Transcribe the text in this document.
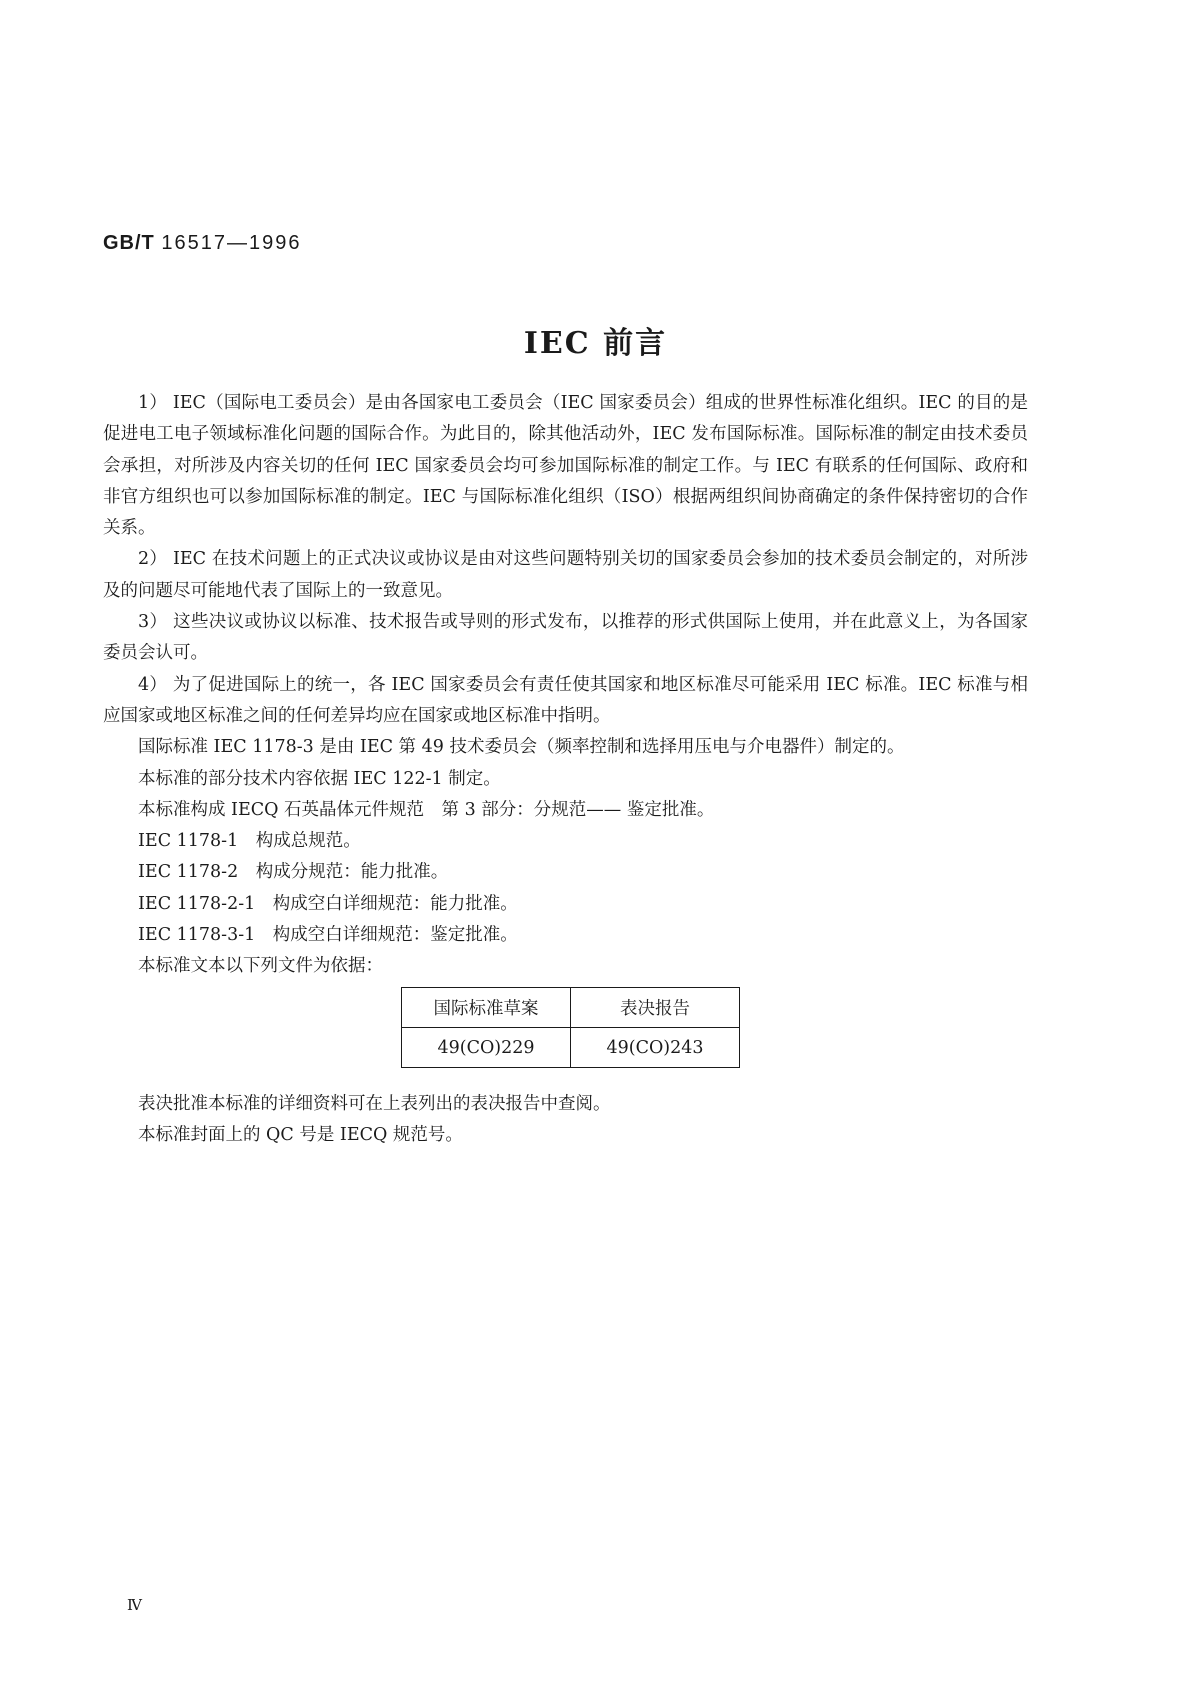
GB/T 16517—1996
IEC 前言

1） IEC（国际电工委员会）是由各国家电工委员会（IEC 国家委员会）组成的世界性标准化组织。IEC 的目的是促进电工电子领域标准化问题的国际合作。为此目的，除其他活动外，IEC 发布国际标准。国际标准的制定由技术委员会承担，对所涉及内容关切的任何 IEC 国家委员会均可参加国际标准的制定工作。与 IEC 有联系的任何国际、政府和非官方组织也可以参加国际标准的制定。IEC 与国际标准化组织（ISO）根据两组织间协商确定的条件保持密切的合作关系。

2） IEC 在技术问题上的正式决议或协议是由对这些问题特别关切的国家委员会参加的技术委员会制定的，对所涉及的问题尽可能地代表了国际上的一致意见。

3） 这些决议或协议以标准、技术报告或导则的形式发布，以推荐的形式供国际上使用，并在此意义上，为各国家委员会认可。

4） 为了促进国际上的统一，各 IEC 国家委员会有责任使其国家和地区标准尽可能采用 IEC 标准。IEC 标准与相应国家或地区标准之间的任何差异均应在国家或地区标准中指明。

国际标准 IEC 1178-3 是由 IEC 第 49 技术委员会（频率控制和选择用压电与介电器件）制定的。

本标准的部分技术内容依据 IEC 122-1 制定。

本标准构成 IECQ 石英晶体元件规范　第 3 部分：分规范—— 鉴定批准。

IEC 1178-1　构成总规范。

IEC 1178-2　构成分规范：能力批准。

IEC 1178-2-1　构成空白详细规范：能力批准。

IEC 1178-3-1　构成空白详细规范：鉴定批准。

本标准文本以下列文件为依据：

国际标准草案	表决报告
49(CO)229	49(CO)243

表决批准本标准的详细资料可在上表列出的表决报告中查阅。

本标准封面上的 QC 号是 IECQ 规范号。

Ⅳ
